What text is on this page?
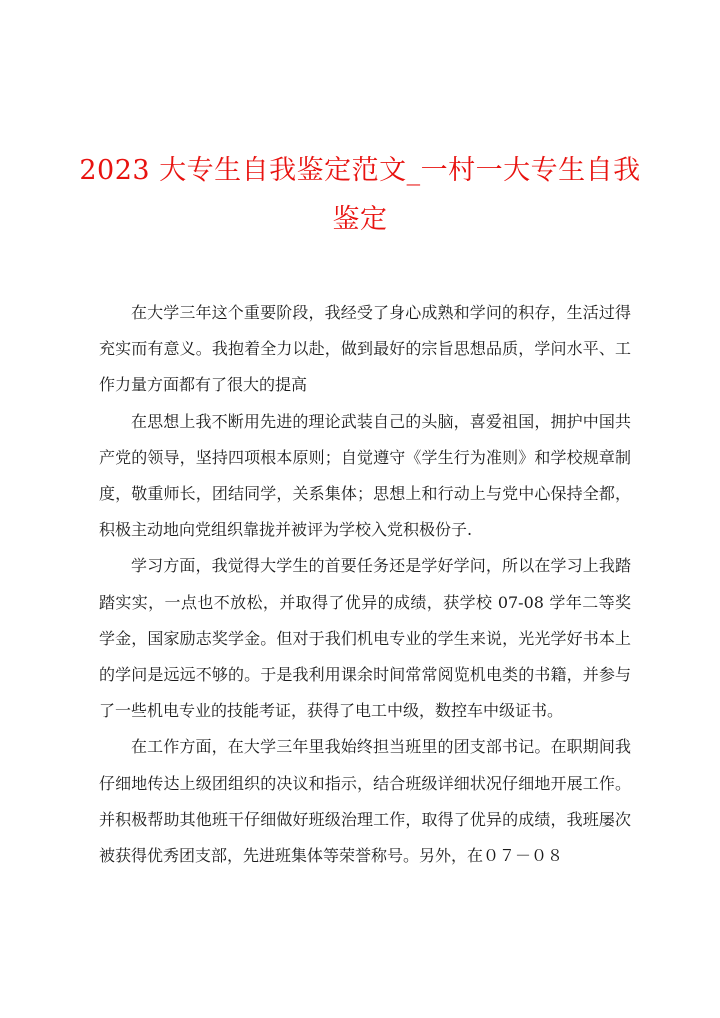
2023 大专生自我鉴定范文_一村一大专生自我鉴定

在大学三年这个重要阶段，我经受了身心成熟和学问的积存，生活过得充实而有意义。我抱着全力以赴，做到最好的宗旨思想品质，学问水平、工作力量方面都有了很大的提高

在思想上我不断用先进的理论武装自己的头脑，喜爱祖国，拥护中国共产党的领导，坚持四项根本原则；自觉遵守《学生行为准则》和学校规章制度，敬重师长，团结同学，关系集体；思想上和行动上与党中心保持全都，积极主动地向党组织靠拢并被评为学校入党积极份子.

学习方面，我觉得大学生的首要任务还是学好学问，所以在学习上我踏踏实实，一点也不放松，并取得了优异的成绩，获学校 07-08 学年二等奖学金，国家励志奖学金。但对于我们机电专业的学生来说，光光学好书本上的学问是远远不够的。于是我利用课余时间常常阅览机电类的书籍，并参与了一些机电专业的技能考证，获得了电工中级，数控车中级证书。

在工作方面，在大学三年里我始终担当班里的团支部书记。在职期间我仔细地传达上级团组织的决议和指示，结合班级详细状况仔细地开展工作。并积极帮助其他班干仔细做好班级治理工作，取得了优异的成绩，我班屡次被获得优秀团支部，先进班集体等荣誉称号。另外，在０７－０８
